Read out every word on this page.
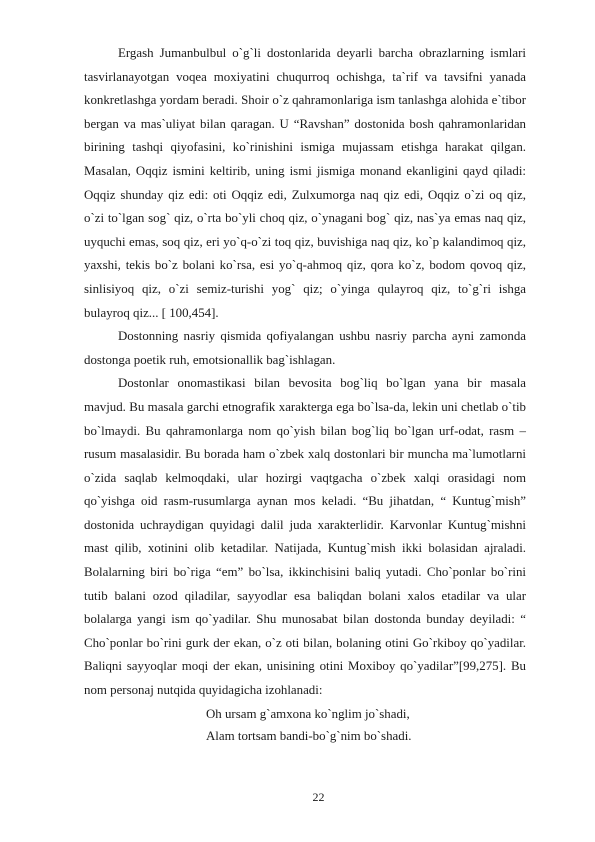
Ergash Jumanbulbul o`g`li dostonlarida deyarli barcha obrazlarning ismlari tasvirlanayotgan voqea moxiyatini chuqurroq ochishga, ta`rif va tavsifni yanada konkretlashga yordam beradi. Shoir o`z qahramonlariga ism tanlashga alohida e`tibor bergan va mas`uliyat bilan qaragan. U “Ravshan” dostonida bosh qahramonlaridan birining tashqi qiyofasini, ko`rinishini ismiga mujassam etishga harakat qilgan. Masalan, Oqqiz ismini keltirib, uning ismi jismiga monand ekanligini qayd qiladi: Oqqiz shunday qiz edi: oti Oqqiz edi, Zulxumorga naq qiz edi, Oqqiz o`zi oq qiz, o`zi to`lgan sog` qiz, o`rta bo`yli choq qiz, o`ynagani bog` qiz, nas`ya emas naq qiz, uyquchi emas, soq qiz, eri yo`q-o`zi toq qiz, buvishiga naq qiz, ko`p kalandimoq qiz, yaxshi, tekis bo`z bolani ko`rsa, esi yo`q-ahmoq qiz, qora ko`z, bodom qovoq qiz, sinlisiyoq qiz, o`zi semiz-turishi yog` qiz; o`yinga qulayroq qiz, to`g`ri ishga bulayroq qiz... [ 100,454].

Dostonning nasriy qismida qofiyalangan ushbu nasriy parcha ayni zamonda dostonga poetik ruh, emotsionallik bag`ishlagan.

Dostonlar onomastikasi bilan bevosita bog`liq bo`lgan yana bir masala mavjud. Bu masala garchi etnografik xarakterga ega bo`lsa-da, lekin uni chetlab o`tib bo`lmaydi. Bu qahramonlarga nom qo`yish bilan bog`liq bo`lgan urf-odat, rasm –rusum masalasidir. Bu borada ham o`zbek xalq dostonlari bir muncha ma`lumotlarni o`zida saqlab kelmoqdaki, ular hozirgi vaqtgacha o`zbek xalqi orasidagi nom qo`yishga oid rasm-rusumlarga aynan mos keladi. “Bu jihatdan, “ Kuntug`mish” dostonida uchraydigan quyidagi dalil juda xarakterlidir. Karvonlar Kuntug`mishni mast qilib, xotinini olib ketadilar. Natijada, Kuntug`mish ikki bolasidan ajraladi. Bolalarning biri bo`riga “em” bo`lsa, ikkinchisini baliq yutadi. Cho`ponlar bo`rini tutib balani ozod qiladilar, sayyodlar esa baliqdan bolani xalos etadilar va ular bolalarga yangi ism qo`yadilar. Shu munosabat bilan dostonda bunday deyiladi: “ Cho`ponlar bo`rini gurk der ekan, o`z oti bilan, bolaning otini Go`rkiboy qo`yadilar. Baliqni sayyoqlar moqi der ekan, unisining otini Moxiboy qo`yadilar”[99,275]. Bu nom personaj nutqida quyidagicha izohlanadi:

Oh ursam g`amxona ko`nglim jo`shadi,
Alam tortsam bandi-bo`g`nim bo`shadi.
22
